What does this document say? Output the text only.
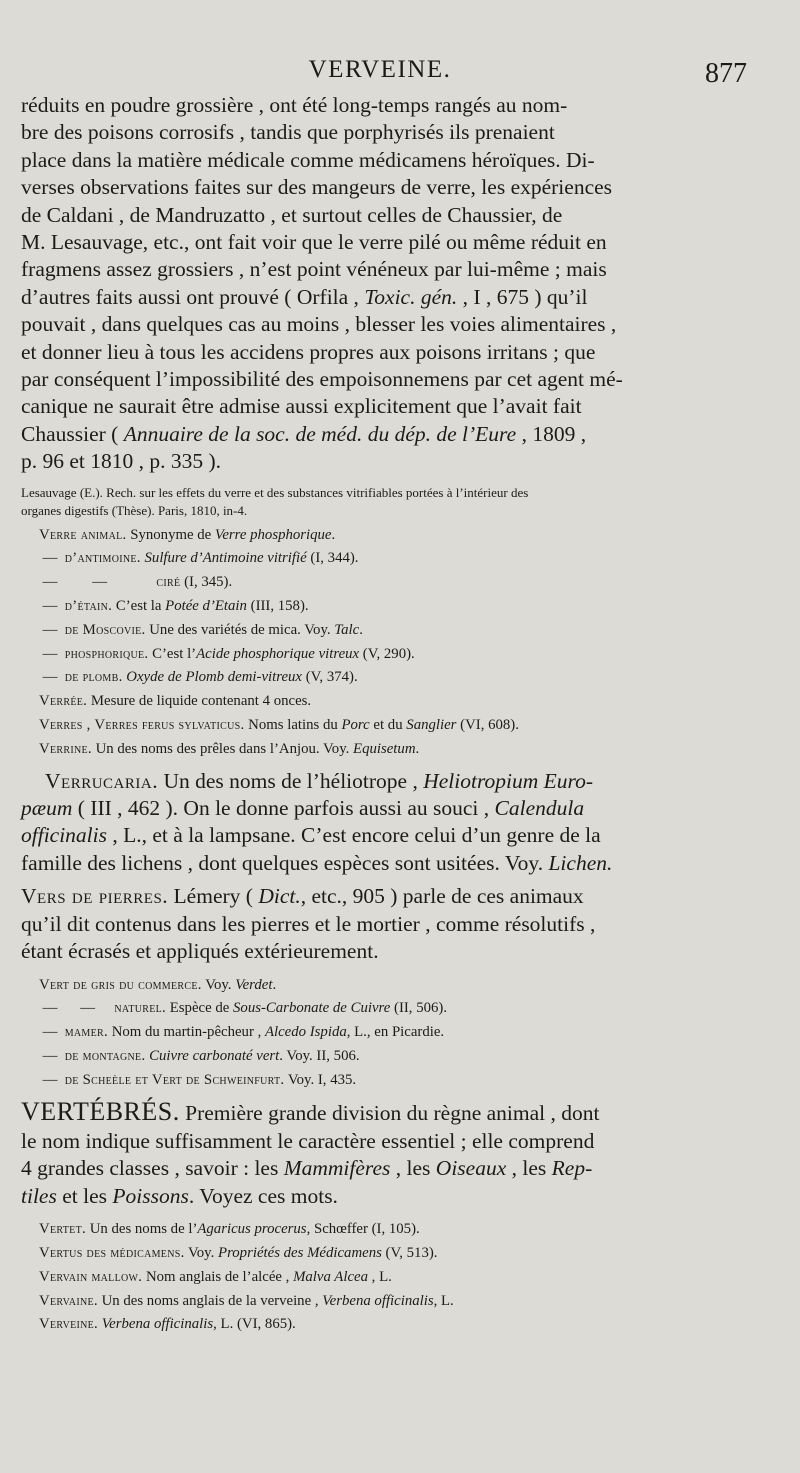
VERVEINE.	877

réduits en poudre grossière , ont été long-temps rangés au nom-
bre des poisons corrosifs , tandis que porphyrisés ils prenaient
place dans la matière médicale comme médicamens héroïques. Di-
verses observations faites sur des mangeurs de verre, les expériences
de Caldani , de Mandruzatto , et surtout celles de Chaussier, de
M. Lesauvage, etc., ont fait voir que le verre pilé ou même réduit en
fragmens assez grossiers , n’est point vénéneux par lui-même ; mais
d’autres faits aussi ont prouvé ( Orfila , Toxic. gén. , I , 675 ) qu’il
pouvait , dans quelques cas au moins , blesser les voies alimentaires ,
et donner lieu à tous les accidens propres aux poisons irritans ; que
par conséquent l’impossibilité des empoisonnemens par cet agent mé-
canique ne saurait être admise aussi explicitement que l’avait fait
Chaussier ( Annuaire de la soc. de méd. du dép. de l’Eure , 1809 ,
p. 96 et 1810 , p. 335 ).

Lesauvage (E.). Rech. sur les effets du verre et des substances vitrifiables portées à l’intérieur des
organes digestifs (Thèse). Paris, 1810, in-4.

Verre animal. Synonyme de Verre phosphorique.

— d’antimoine. Sulfure d’Antimoine vitrifié (I, 344).

— —	ciré (I, 345).

— d’étain. C’est la Potée d’Etain (III, 158).

— de Moscovie. Une des variétés de mica. Voy. Talc.

— phosphorique. C’est l’Acide phosphorique vitreux (V, 290).

— de plomb. Oxyde de Plomb demi-vitreux (V, 374).

Verrée. Mesure de liquide contenant 4 onces.

Verres , Verres ferus sylvaticus. Noms latins du Porc et du Sanglier (VI, 608).

Verrine. Un des noms des prêles dans l’Anjou. Voy. Equisetum.

Verrucaria. Un des noms de l’héliotrope , Heliotropium Euro-
pæum ( III , 462 ). On le donne parfois aussi au souci , Calendula
officinalis , L., et à la lampsane. C’est encore celui d’un genre de la
famille des lichens , dont quelques espèces sont usitées. Voy. Lichen.

Vers de pierres. Lémery ( Dict., etc., 905 ) parle de ces animaux
qu’il dit contenus dans les pierres et le mortier , comme résolutifs ,
étant écrasés et appliqués extérieurement.

Vert de gris du commerce. Voy. Verdet.

— — naturel. Espèce de Sous-Carbonate de Cuivre (II, 506).

— mamer. Nom du martin-pêcheur , Alcedo Ispida, L., en Picardie.

— de montagne. Cuivre carbonaté vert. Voy. II, 506.

— de Scheèle et Vert de Schweinfurt. Voy. I, 435.

VERTÉBRÉS. Première grande division du règne animal , dont
le nom indique suffisamment le caractère essentiel ; elle comprend
4 grandes classes , savoir : les Mammifères , les Oiseaux , les Rep-
tiles et les Poissons. Voyez ces mots.

Vertet. Un des noms de l’Agaricus procerus, Schœffer (I, 105).

Vertus des médicamens. Voy. Propriétés des Médicamens (V, 513).

Vervain mallow. Nom anglais de l’alcée , Malva Alcea , L.

Vervaine. Un des noms anglais de la verveine , Verbena officinalis, L.

Verveine. Verbena officinalis, L. (VI, 865).
